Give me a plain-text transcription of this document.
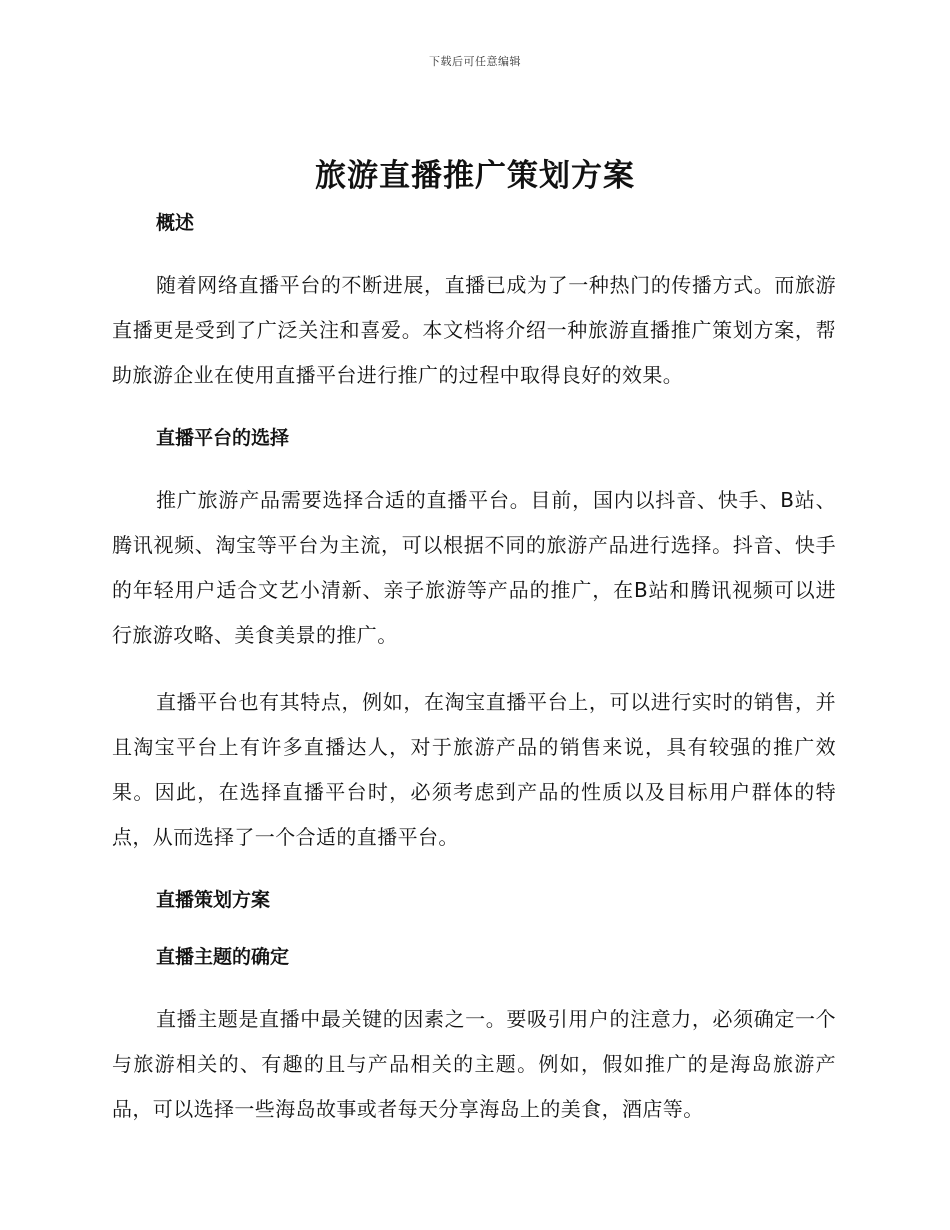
下载后可任意编辑
旅游直播推广策划方案
概述

随着网络直播平台的不断进展，直播已成为了一种热门的传播方式。而旅游直播更是受到了广泛关注和喜爱。本文档将介绍一种旅游直播推广策划方案，帮助旅游企业在使用直播平台进行推广的过程中取得良好的效果。

直播平台的选择

推广旅游产品需要选择合适的直播平台。目前，国内以抖音、快手、B站、腾讯视频、淘宝等平台为主流，可以根据不同的旅游产品进行选择。抖音、快手的年轻用户适合文艺小清新、亲子旅游等产品的推广，在B站和腾讯视频可以进行旅游攻略、美食美景的推广。

直播平台也有其特点，例如，在淘宝直播平台上，可以进行实时的销售，并且淘宝平台上有许多直播达人，对于旅游产品的销售来说，具有较强的推广效果。因此，在选择直播平台时，必须考虑到产品的性质以及目标用户群体的特点，从而选择了一个合适的直播平台。

直播策划方案
直播主题的确定

直播主题是直播中最关键的因素之一。要吸引用户的注意力，必须确定一个与旅游相关的、有趣的且与产品相关的主题。例如，假如推广的是海岛旅游产品，可以选择一些海岛故事或者每天分享海岛上的美食，酒店等。
